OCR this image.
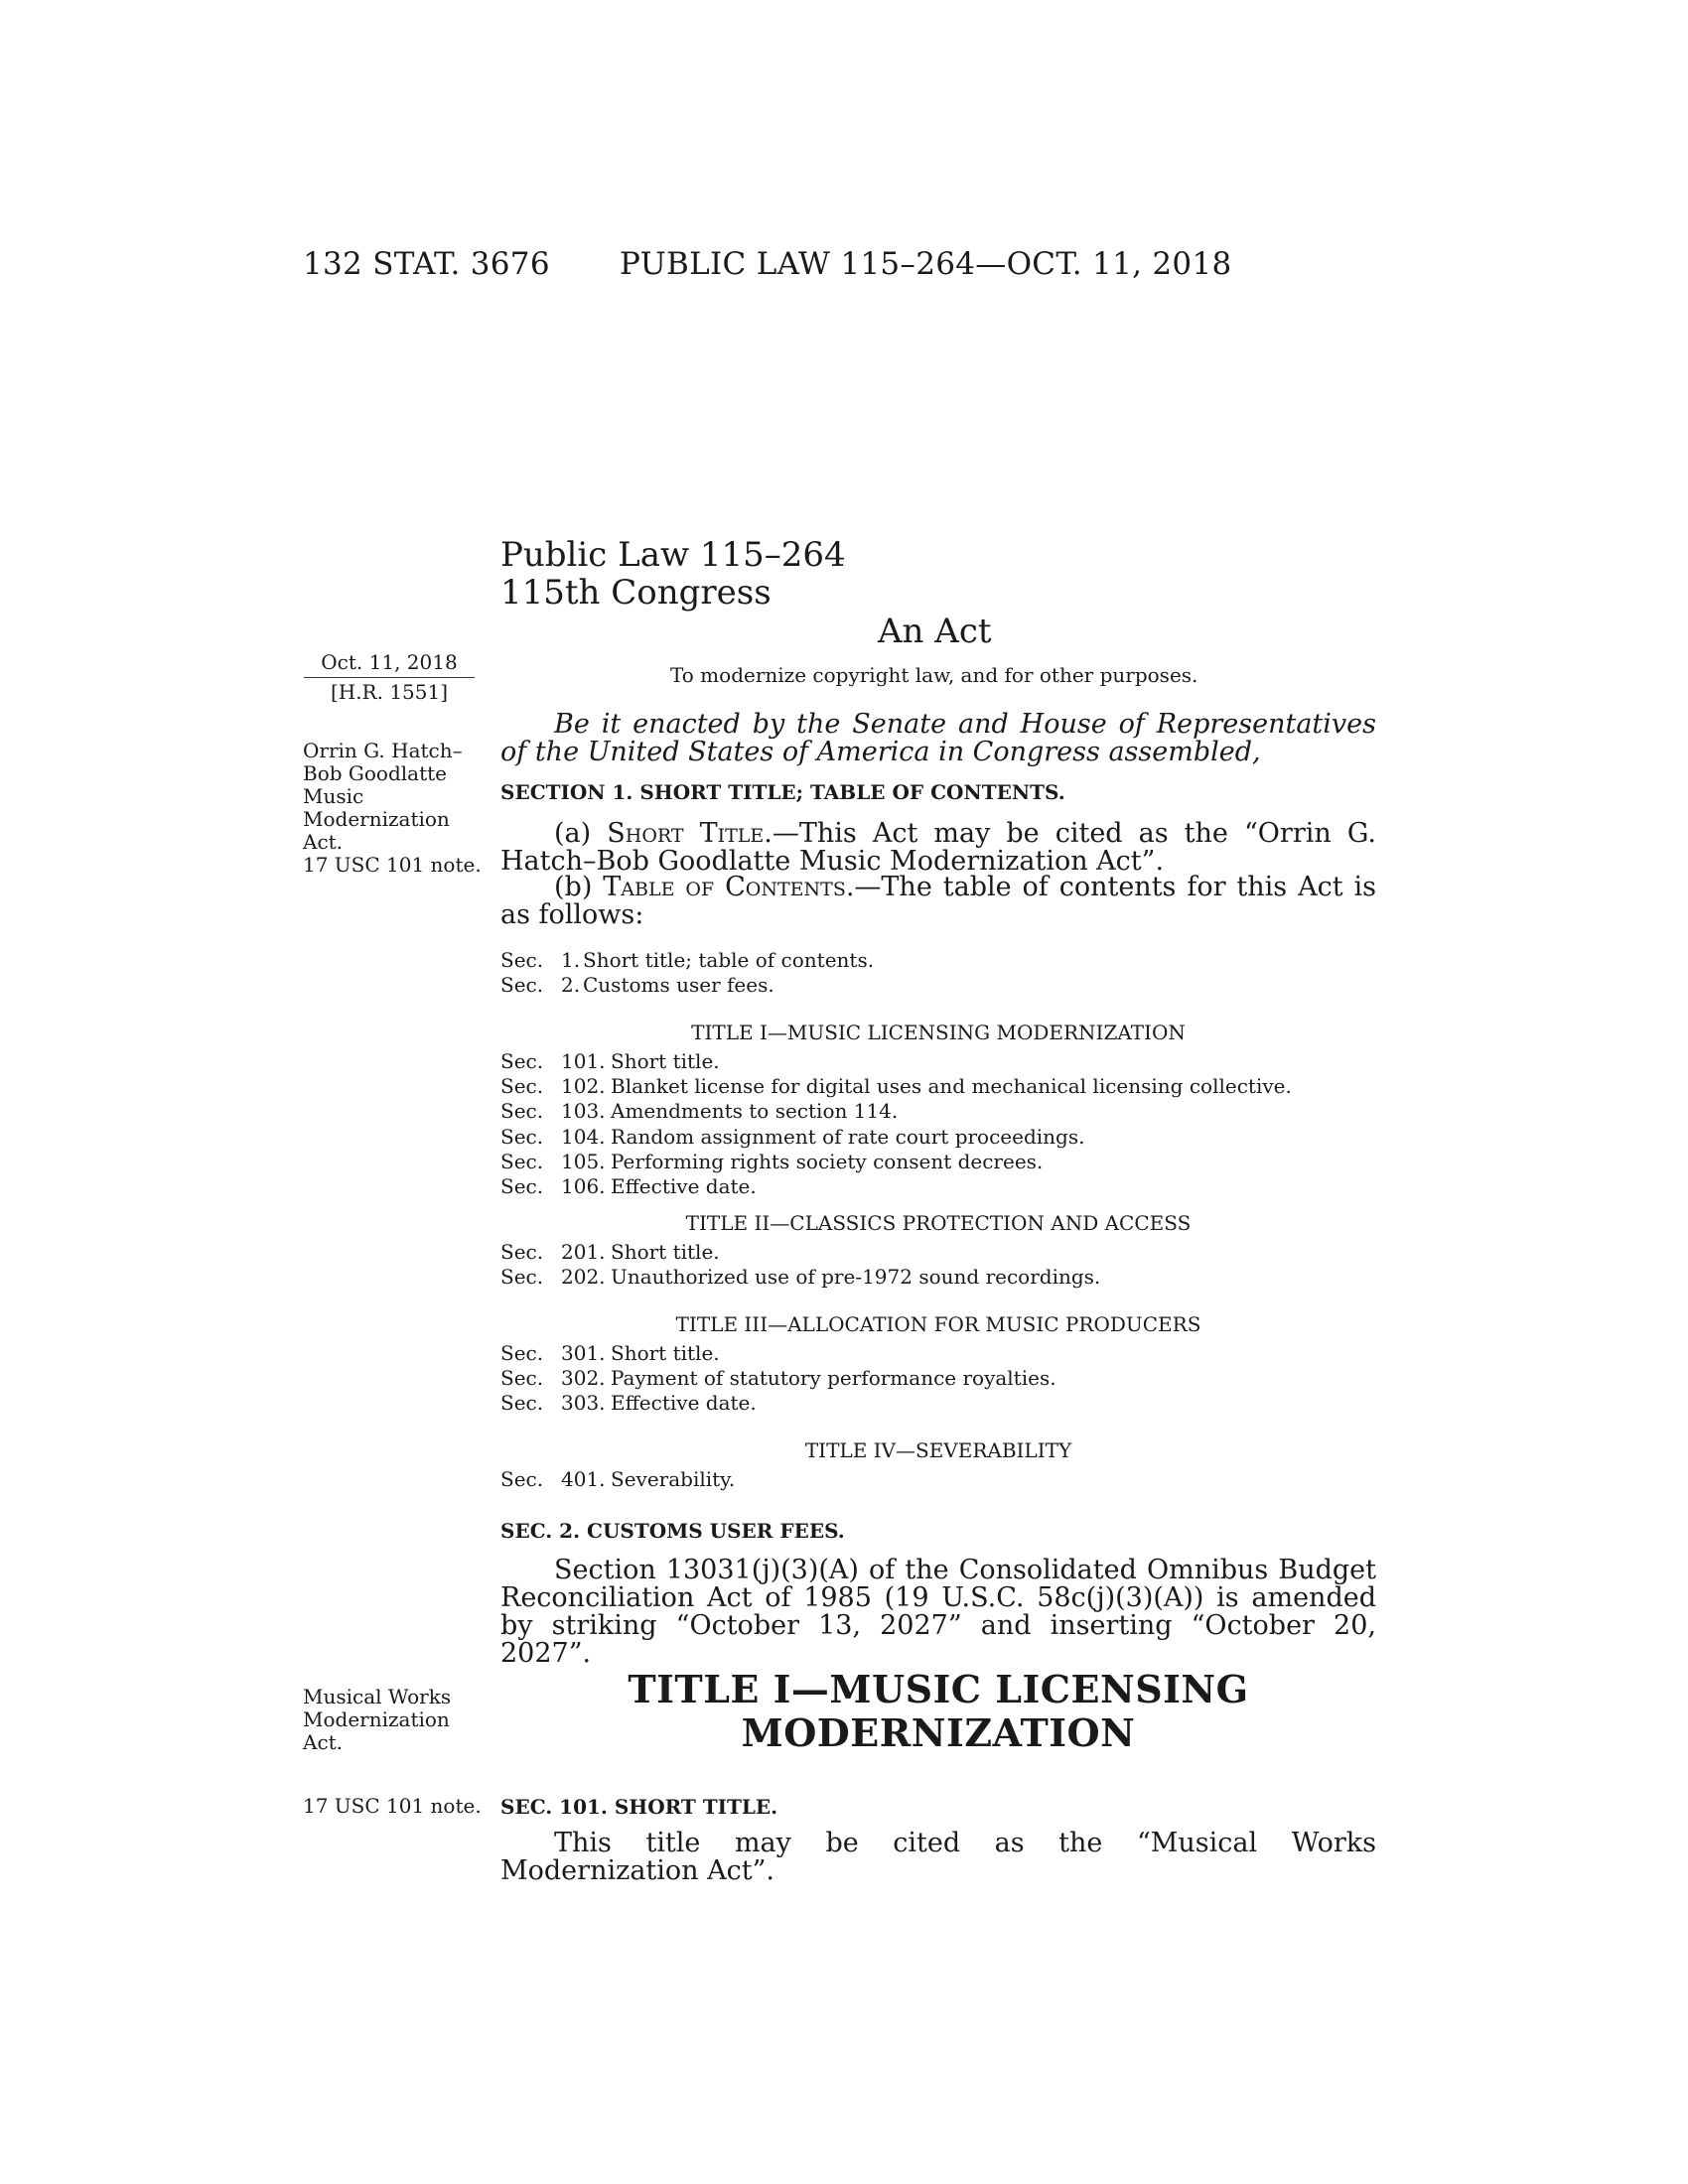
132 STAT. 3676 PUBLIC LAW 115–264—OCT. 11, 2018
Public Law 115–264
115th Congress
An Act
To modernize copyright law, and for other purposes.
Oct. 11, 2018
[H.R. 1551]
Orrin G. Hatch–
Bob Goodlatte
Music
Modernization
Act.
17 USC 101 note.
Musical Works
Modernization
Act.
17 USC 101 note.
Be it enacted by the Senate and House of Representatives of the United States of America in Congress assembled,
SECTION 1. SHORT TITLE; TABLE OF CONTENTS.
(a) Short Title.—This Act may be cited as the “Orrin G. Hatch–Bob Goodlatte Music Modernization Act”.
(b) Table of Contents.—The table of contents for this Act is as follows:
Sec. 1. Short title; table of contents.
Sec. 2. Customs user fees.
TITLE I—MUSIC LICENSING MODERNIZATION
Sec. 101. Short title.
Sec. 102. Blanket license for digital uses and mechanical licensing collective.
Sec. 103. Amendments to section 114.
Sec. 104. Random assignment of rate court proceedings.
Sec. 105. Performing rights society consent decrees.
Sec. 106. Effective date.
TITLE II—CLASSICS PROTECTION AND ACCESS
Sec. 201. Short title.
Sec. 202. Unauthorized use of pre-1972 sound recordings.
TITLE III—ALLOCATION FOR MUSIC PRODUCERS
Sec. 301. Short title.
Sec. 302. Payment of statutory performance royalties.
Sec. 303. Effective date.
TITLE IV—SEVERABILITY
Sec. 401. Severability.
SEC. 2. CUSTOMS USER FEES.
Section 13031(j)(3)(A) of the Consolidated Omnibus Budget Reconciliation Act of 1985 (19 U.S.C. 58c(j)(3)(A)) is amended by striking “October 13, 2027” and inserting “October 20, 2027”.
TITLE I—MUSIC LICENSING
MODERNIZATION
SEC. 101. SHORT TITLE.
This title may be cited as the “Musical Works Modernization Act”.
